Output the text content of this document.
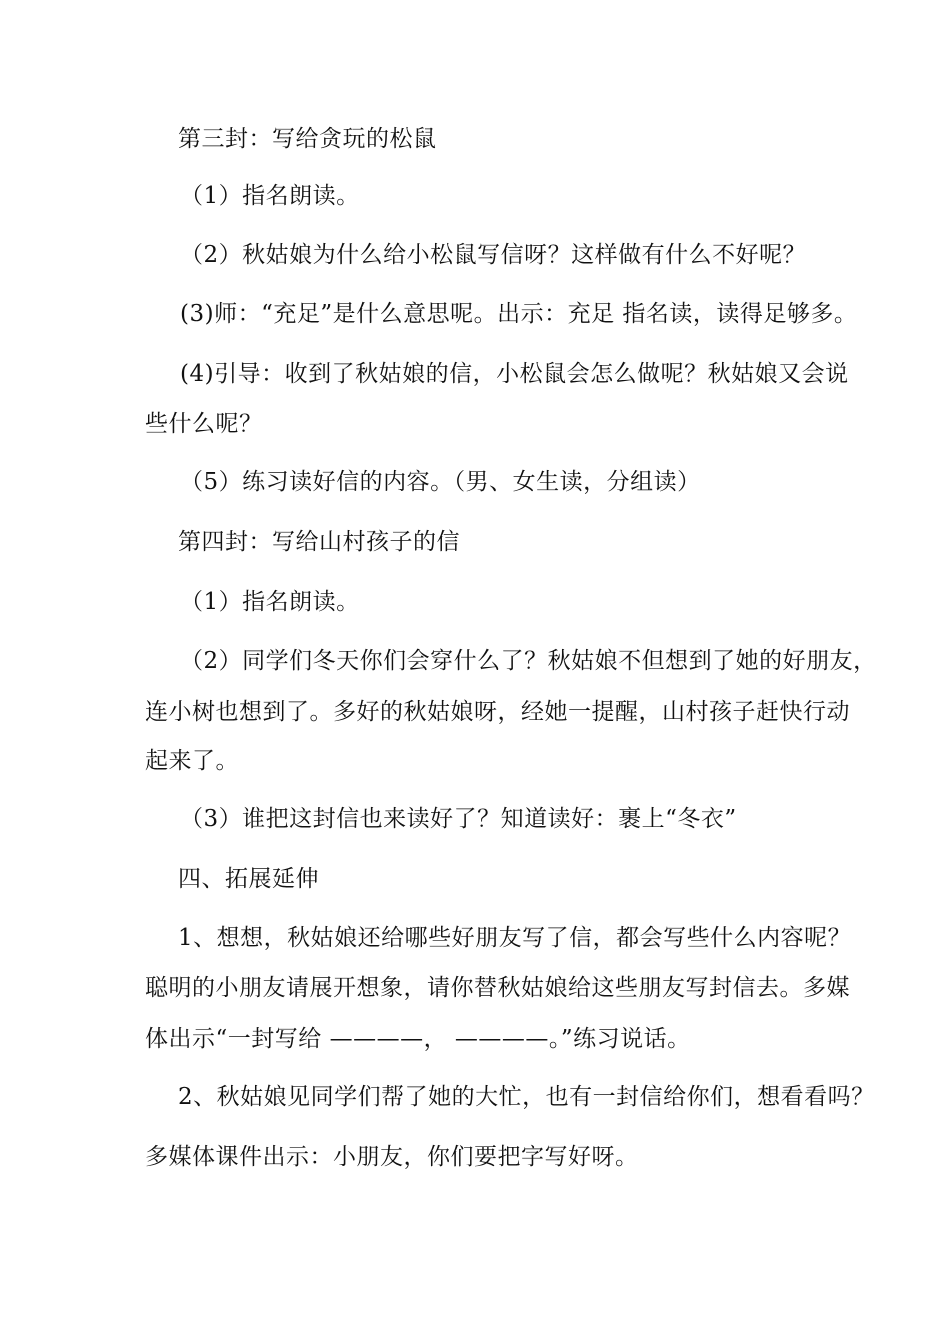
第三封：写给贪玩的松鼠
（1）指名朗读。
（2）秋姑娘为什么给小松鼠写信呀？这样做有什么不好呢？
(3)师：“充足”是什么意思呢。出示：充足 指名读，读得足够多。
(4)引导：收到了秋姑娘的信，小松鼠会怎么做呢？秋姑娘又会说
些什么呢？
（5）练习读好信的内容。（男、女生读，分组读）
第四封：写给山村孩子的信
（1）指名朗读。
（2）同学们冬天你们会穿什么了？秋姑娘不但想到了她的好朋友，
连小树也想到了。多好的秋姑娘呀，经她一提醒，山村孩子赶快行动
起来了。
（3）谁把这封信也来读好了？知道读好：裹上“冬衣”
四、拓展延伸
1、想想，秋姑娘还给哪些好朋友写了信，都会写些什么内容呢？
聪明的小朋友请展开想象，请你替秋姑娘给这些朋友写封信去。多媒
体出示“一封写给 ————， ————。”练习说话。
2、秋姑娘见同学们帮了她的大忙，也有一封信给你们，想看看吗？
多媒体课件出示：小朋友，你们要把字写好呀。
